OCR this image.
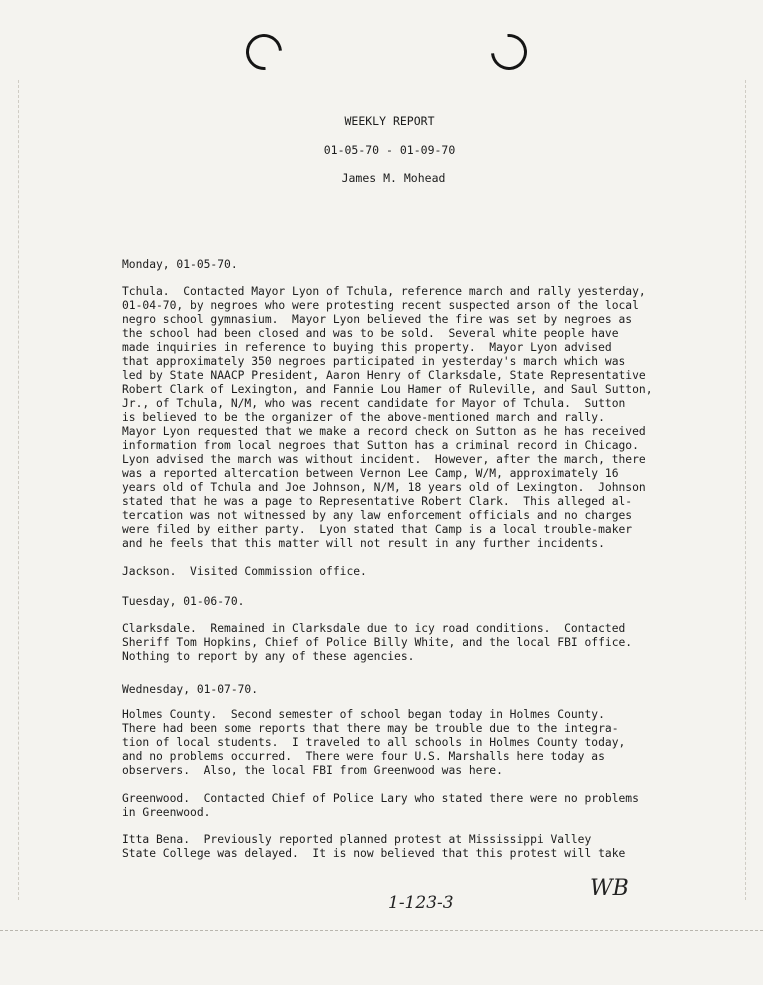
WEEKLY REPORT
01-05-70 - 01-09-70
James M. Mohead
Monday, 01-05-70.
Tchula.  Contacted Mayor Lyon of Tchula, reference march and rally yesterday,
01-04-70, by negroes who were protesting recent suspected arson of the local
negro school gymnasium.  Mayor Lyon believed the fire was set by negroes as
the school had been closed and was to be sold.  Several white people have
made inquiries in reference to buying this property.  Mayor Lyon advised
that approximately 350 negroes participated in yesterday's march which was
led by State NAACP President, Aaron Henry of Clarksdale, State Representative
Robert Clark of Lexington, and Fannie Lou Hamer of Ruleville, and Saul Sutton,
Jr., of Tchula, N/M, who was recent candidate for Mayor of Tchula.  Sutton
is believed to be the organizer of the above-mentioned march and rally.
Mayor Lyon requested that we make a record check on Sutton as he has received
information from local negroes that Sutton has a criminal record in Chicago.
Lyon advised the march was without incident.  However, after the march, there
was a reported altercation between Vernon Lee Camp, W/M, approximately 16
years old of Tchula and Joe Johnson, N/M, 18 years old of Lexington.  Johnson
stated that he was a page to Representative Robert Clark.  This alleged al-
tercation was not witnessed by any law enforcement officials and no charges
were filed by either party.  Lyon stated that Camp is a local trouble-maker
and he feels that this matter will not result in any further incidents.
Jackson.  Visited Commission office.
Tuesday, 01-06-70.
Clarksdale.  Remained in Clarksdale due to icy road conditions.  Contacted
Sheriff Tom Hopkins, Chief of Police Billy White, and the local FBI office.
Nothing to report by any of these agencies.
Wednesday, 01-07-70.
Holmes County.  Second semester of school began today in Holmes County.
There had been some reports that there may be trouble due to the integra-
tion of local students.  I traveled to all schools in Holmes County today,
and no problems occurred.  There were four U.S. Marshalls here today as
observers.  Also, the local FBI from Greenwood was here.
Greenwood.  Contacted Chief of Police Lary who stated there were no problems
in Greenwood.
Itta Bena.  Previously reported planned protest at Mississippi Valley
State College was delayed.  It is now believed that this protest will take
1-123-3
WB
